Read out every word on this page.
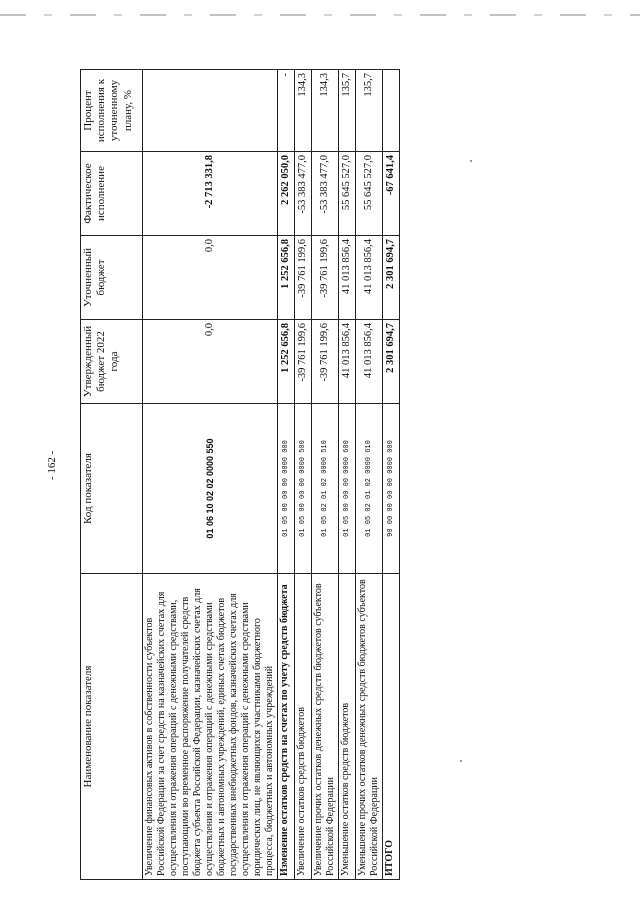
- 162 -
Наименование показателя	Код показателя	Утвержденный бюджет 2022 года	Уточненный бюджет	Фактическое исполнение	Процент исполнения к уточненному плану, %
Увеличение финансовых активов в собственности субъектов Российской Федерации за счет средств на казначейских счетах для осуществления и отражения операций с денежными средствами, поступающими во временное распоряжение получателей средств бюджета субъекта Российской Федерации, казначейских счетах для осуществления и отражения операций с денежными средствами бюджетных и автономных учреждений, единых счетах бюджетов государственных внебюджетных фондов, казначейских счетах для осуществления и отражения операций с денежными средствами юридических лиц, не являющихся участниками бюджетного процесса, бюджетных и автономных учреждений	01 06 10 02 02 0000 550	0,0	0,0	-2 713 331,8	
Изменение остатков средств на счетах по учету средств бюджета	01 05 00 00 00 0000 000	1 252 656,8	1 252 656,8	2 262 050,0	-
Увеличение остатков средств бюджетов	01 05 00 00 00 0000 500	-39 761 199,6	-39 761 199,6	-53 383 477,0	134,3
Увеличение прочих остатков денежных средств бюджетов субъектов Российской Федерации	01 05 02 01 02 0000 510	-39 761 199,6	-39 761 199,6	-53 383 477,0	134,3
Уменьшение остатков средств бюджетов	01 05 00 00 00 0000 600	41 013 856,4	41 013 856,4	55 645 527,0	135,7
Уменьшение прочих остатков денежных средств бюджетов субъектов Российской Федерации	01 05 02 01 02 0000 610	41 013 856,4	41 013 856,4	55 645 527,0	135,7
ИТОГО	90 00 00 00 00 0000 000	2 301 694,7	2 301 694,7	-67 641,4	
